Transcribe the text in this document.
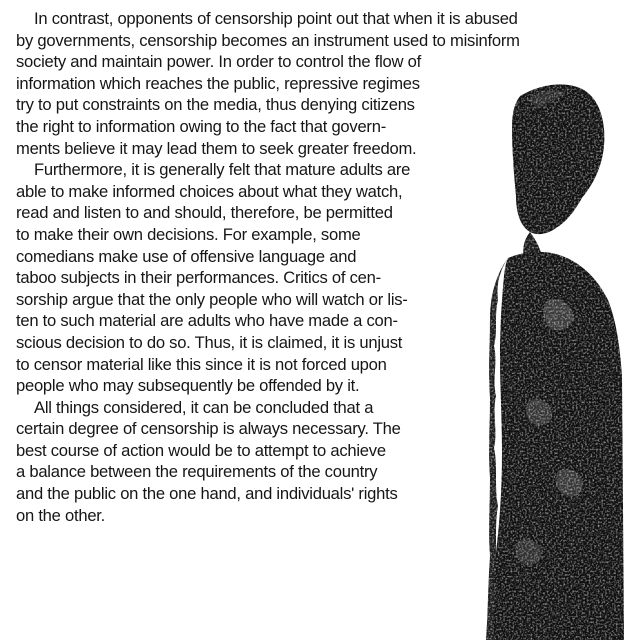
In contrast, opponents of censorship point out that when it is abused
by governments, censorship becomes an instrument used to misinform
society and maintain power. In order to control the flow of
information which reaches the public, repressive regimes
try to put constraints on the media, thus denying citizens
the right to information owing to the fact that govern-
ments believe it may lead them to seek greater freedom.
Furthermore, it is generally felt that mature adults are
able to make informed choices about what they watch,
read and listen to and should, therefore, be permitted
to make their own decisions. For example, some
comedians make use of offensive language and
taboo subjects in their performances. Critics of cen-
sorship argue that the only people who will watch or lis-
ten to such material are adults who have made a con-
scious decision to do so. Thus, it is claimed, it is unjust
to censor material like this since it is not forced upon
people who may subsequently be offended by it.
All things considered, it can be concluded that a
certain degree of censorship is always necessary. The
best course of action would be to attempt to achieve
a balance between the requirements of the country
and the public on the one hand, and individuals' rights
on the other.
